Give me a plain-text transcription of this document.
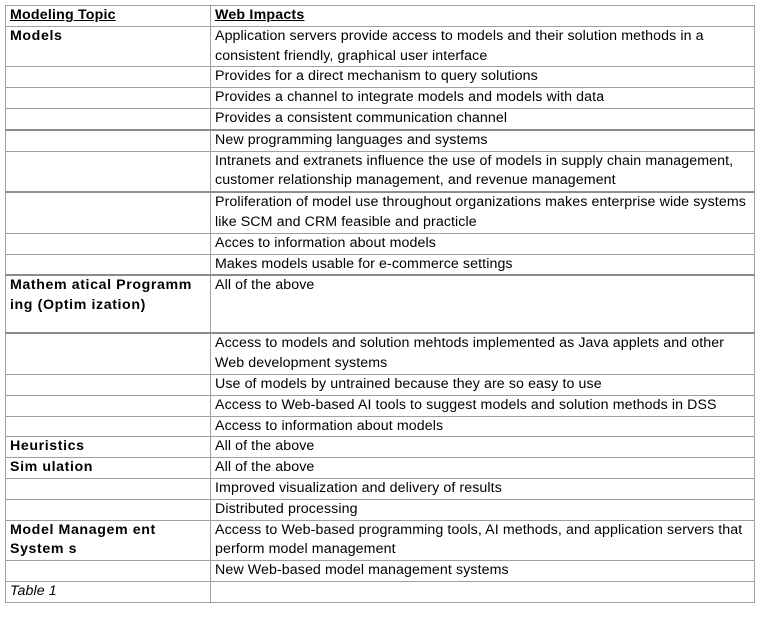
Modeling Topic	Web Impacts
Models	Application servers provide access to models and their solution methods in a consistent friendly, graphical user interface
	Provides for a direct mechanism to query solutions
	Provides a channel to integrate models and models with data
	Provides a consistent communication channel
	New programming languages and systems
	Intranets and extranets influence the use of models in supply chain management, customer relationship management, and revenue management
	Proliferation of model use throughout organizations makes enterprise wide systems like SCM and CRM feasible and practicle
	Acces to information about models
	Makes models usable for e-commerce settings
Mathem atical Programm ing (Optim ization)	All of the above
	Access to models and solution mehtods implemented as Java applets and other Web development systems
	Use of models by untrained because they are so easy to use
	Access to Web-based AI tools to suggest models and solution methods in DSS
	Access to information about models
Heuristics	All of the above
Sim ulation	All of the above
	Improved visualization and delivery of results
	Distributed processing
Model Managem ent System s	Access to Web-based programming tools, AI methods, and application servers that perform model management
	New Web-based model management systems
Table 1	
